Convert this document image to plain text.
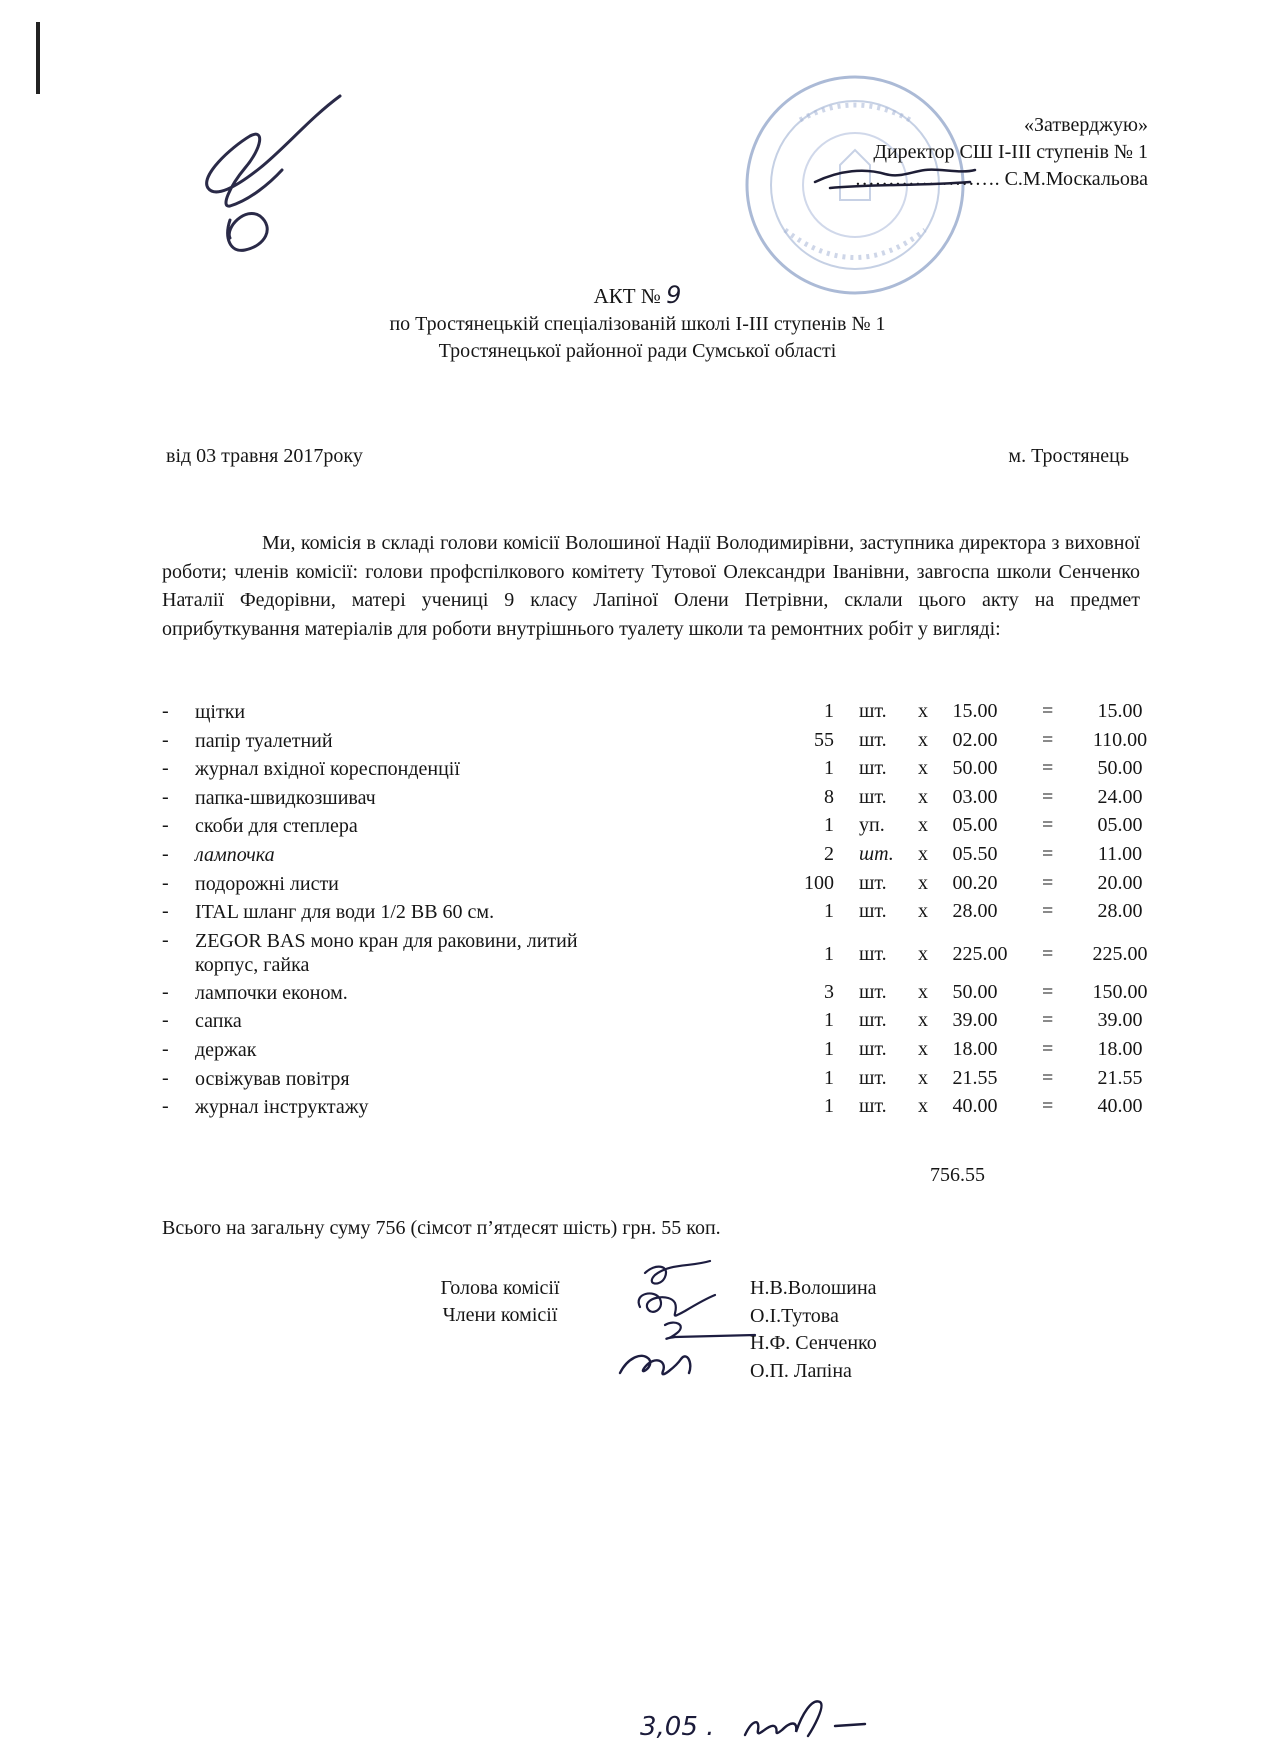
«Затверджую»
Директор СШ І-ІІІ ступенів № 1
…………………. С.М.Москальова
АКТ № 9
по Тростянецькій спеціалізованій школі І-ІІІ ступенів № 1
Тростянецької районної ради Сумської області
від 03 травня 2017року	м. Тростянець
Ми, комісія в складі голови комісії Волошиної Надії Володимирівни, заступника директора з виховної роботи; членів комісії: голови профспілкового комітету Тутової Олександри Іванівни, завгоспа школи Сенченко Наталії Федорівни, матері учениці 9 класу Лапіної Олени Петрівни, склали цього акту на предмет оприбуткування матеріалів для роботи внутрішнього туалету школи та ремонтних робіт у вигляді:
- щітки	1 шт. х	15.00	=	15.00
- папір туалетний	55 шт. х	02.00	=	110.00
- журнал вхідної кореспонденції	1 шт. х	50.00	=	50.00
- папка-швидкозшивач	8 шт. х	03.00	=	24.00
- скоби для степлера	1 уп. х	05.00	=	05.00
- лампочка	2 шт. х	05.50	=	11.00
- подорожні листи	100 шт. х	00.20	=	20.00
- ITAL шланг для води 1/2 ВВ 60 см.	1 шт. х	28.00	=	28.00
- ZEGOR BAS моно кран для раковини, литий корпус, гайка	1 шт. х	225.00	=	225.00
- лампочки економ.	3 шт. х	50.00	=	150.00
- сапка	1 шт. х	39.00	=	39.00
- держак	1 шт. х	18.00	=	18.00
- освіжував повітря	1 шт. х	21.55	=	21.55
- журнал інструктажу	1 шт. х	40.00	=	40.00
756.55
Всього на загальну суму 756 (сімсот п’ятдесят шість) грн. 55 коп.
Голова комісії
Члени комісії
Н.В.Волошина
О.І.Тутова
Н.Ф. Сенченко
О.П. Лапіна
3,05 .
